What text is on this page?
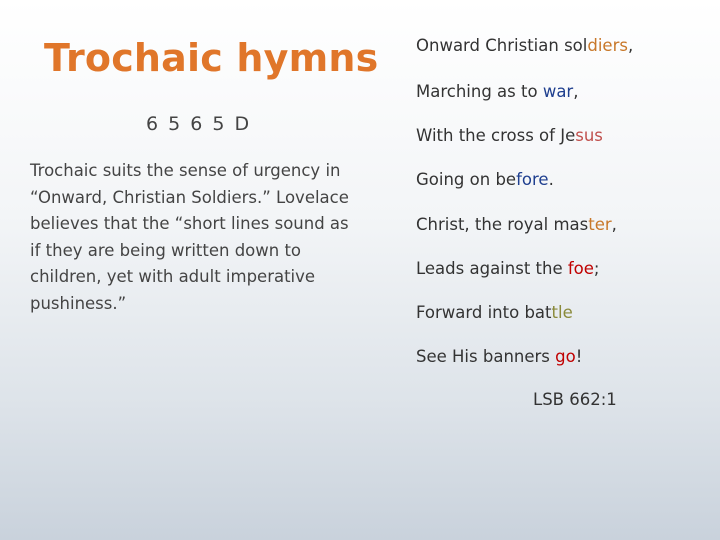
Trochaic hymns
6 5 6 5 D
Trochaic suits the sense of urgency in “Onward, Christian Soldiers.” Lovelace believes that the “short lines sound as if they are being written down to children, yet with adult imperative pushiness.”
Onward Christian soldiers,
Marching as to war,
With the cross of Jesus
Going on before.
Christ, the royal master,
Leads against the foe;
Forward into battle
See His banners go!
LSB 662:1
